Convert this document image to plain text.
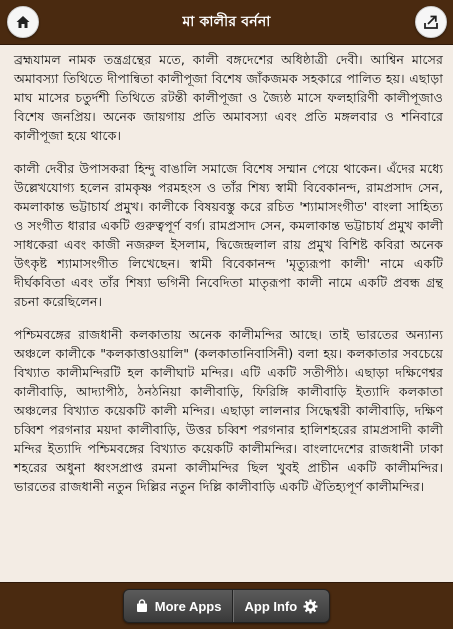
মা কালীর বর্ননা

ব্রহ্মযামল নামক তন্ত্রগ্রন্থের মতে, কালী বঙ্গদেশের অধিষ্ঠাত্রী দেবী। আশ্বিন মাসের অমাবস্যা তিথিতে দীপান্বিতা কালীপূজা বিশেষ জাঁকজমক সহকারে পালিত হয়। এছাড়া মাঘ মাসের চতুর্দশী তিথিতে রটন্তী কালীপূজা ও জ্যৈষ্ঠ মাসে ফলহারিণী কালীপূজাও বিশেষ জনপ্রিয়। অনেক জায়গায় প্রতি অমাবস্যা এবং প্রতি মঙ্গলবার ও শনিবারে কালীপূজা হয়ে থাকে।

কালী দেবীর উপাসকরা হিন্দু বাঙালি সমাজে বিশেষ সম্মান পেয়ে থাকেন। এঁদের মধ্যে উল্লেখযোগ্য হলেন রামকৃষ্ণ পরমহংস ও তাঁর শিষ্য স্বামী বিবেকানন্দ, রামপ্রসাদ সেন, কমলাকান্ত ভট্টাচার্য প্রমুখ। কালীকে বিষয়বস্তু করে রচিত 'শ্যামাসংগীত' বাংলা সাহিত্য ও সংগীত ধারার একটি গুরুত্বপূর্ণ বর্গ। রামপ্রসাদ সেন, কমলাকান্ত ভট্টাচার্য প্রমুখ কালী সাধকেরা এবং কাজী নজরুল ইসলাম, দ্বিজেন্দ্রলাল রায় প্রমুখ বিশিষ্ট কবিরা অনেক উৎকৃষ্ট শ্যামাসংগীত লিখেছেন। স্বামী বিবেকানন্দ 'মৃত্যুরূপা কালী' নামে একটি দীর্ঘকবিতা এবং তাঁর শিষ্যা ভগিনী নিবেদিতা মাতৃরূপা কালী নামে একটি প্রবন্ধ গ্রন্থ রচনা করেছিলেন।

পশ্চিমবঙ্গের রাজধানী কলকাতায় অনেক কালীমন্দির আছে। তাই ভারতের অন্যান্য অঞ্চলে কালীকে "কলকাত্তাওয়ালি" (কলকাতানিবাসিনী) বলা হয়। কলকাতার সবচেয়ে বিখ্যাত কালীমন্দিরটি হল কালীঘাট মন্দির। এটি একটি সতীপীঠ। এছাড়া দক্ষিণেশ্বর কালীবাড়ি, আদ্যাপীঠ, ঠনঠনিয়া কালীবাড়ি, ফিরিঙ্গি কালীবাড়ি ইত্যাদি কলকাতা অঞ্চলের বিখ্যাত কয়েকটি কালী মন্দির। এছাড়া লালনার সিদ্ধেশ্বরী কালীবাড়ি, দক্ষিণ চব্বিশ পরগনার ময়দা কালীবাড়ি, উত্তর চব্বিশ পরগনার হালিশহরের রামপ্রসাদী কালী মন্দির ইত্যাদি পশ্চিমবঙ্গের বিখ্যাত কয়েকটি কালীমন্দির। বাংলাদেশের রাজধানী ঢাকা শহরের অধুনা ধ্বংসপ্রাপ্ত রমনা কালীমন্দির ছিল খুবই প্রাচীন একটি কালীমন্দির। ভারতের রাজধানী নতুন দিল্লির নতুন দিল্লি কালীবাড়ি একটি ঐতিহ্যপূর্ণ কালীমন্দির।

More Apps App Info
